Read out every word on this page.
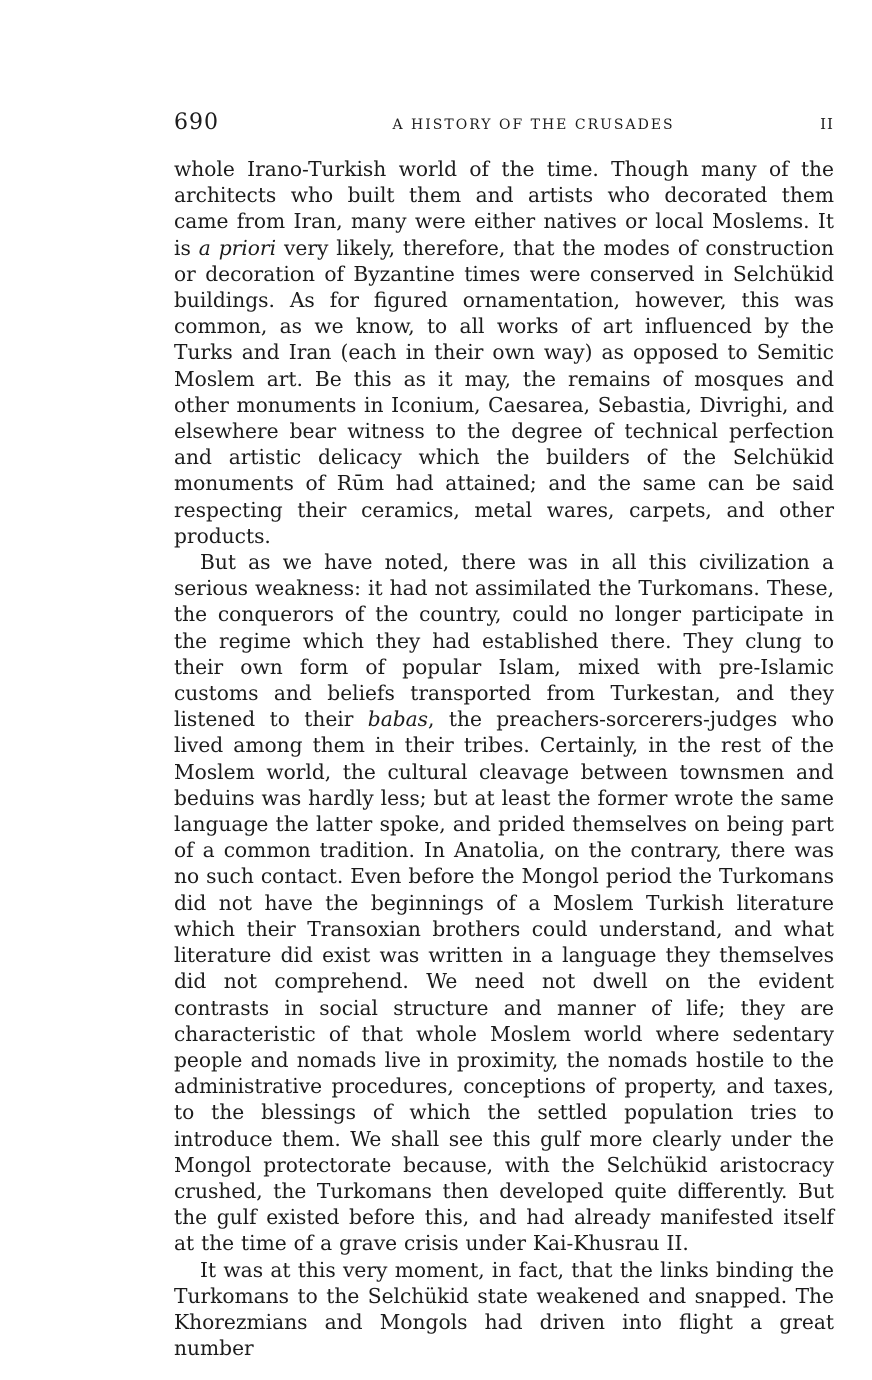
690	A HISTORY OF THE CRUSADES	II

whole Irano-Turkish world of the time. Though many of the architects who built them and artists who decorated them came from Iran, many were either natives or local Moslems. It is a priori very likely, therefore, that the modes of construction or decoration of Byzantine times were conserved in Selchükid buildings. As for figured ornamentation, however, this was common, as we know, to all works of art influenced by the Turks and Iran (each in their own way) as opposed to Semitic Moslem art. Be this as it may, the remains of mosques and other monuments in Iconium, Caesarea, Sebastia, Divrighi, and elsewhere bear witness to the degree of technical perfection and artistic delicacy which the builders of the Selchükid monuments of Rūm had attained; and the same can be said respecting their ceramics, metal wares, carpets, and other products.

But as we have noted, there was in all this civilization a serious weakness: it had not assimilated the Turkomans. These, the conquerors of the country, could no longer participate in the regime which they had established there. They clung to their own form of popular Islam, mixed with pre-Islamic customs and beliefs transported from Turkestan, and they listened to their babas, the preachers-sorcerers-judges who lived among them in their tribes. Certainly, in the rest of the Moslem world, the cultural cleavage between townsmen and beduins was hardly less; but at least the former wrote the same language the latter spoke, and prided themselves on being part of a common tradition. In Anatolia, on the contrary, there was no such contact. Even before the Mongol period the Turkomans did not have the beginnings of a Moslem Turkish literature which their Transoxian brothers could understand, and what literature did exist was written in a language they themselves did not comprehend. We need not dwell on the evident contrasts in social structure and manner of life; they are characteristic of that whole Moslem world where sedentary people and nomads live in proximity, the nomads hostile to the administrative procedures, conceptions of property, and taxes, to the blessings of which the settled population tries to introduce them. We shall see this gulf more clearly under the Mongol protectorate because, with the Selchükid aristocracy crushed, the Turkomans then developed quite differently. But the gulf existed before this, and had already manifested itself at the time of a grave crisis under Kai-Khusrau II.

It was at this very moment, in fact, that the links binding the Turkomans to the Selchükid state weakened and snapped. The Khorezmians and Mongols had driven into flight a great number
